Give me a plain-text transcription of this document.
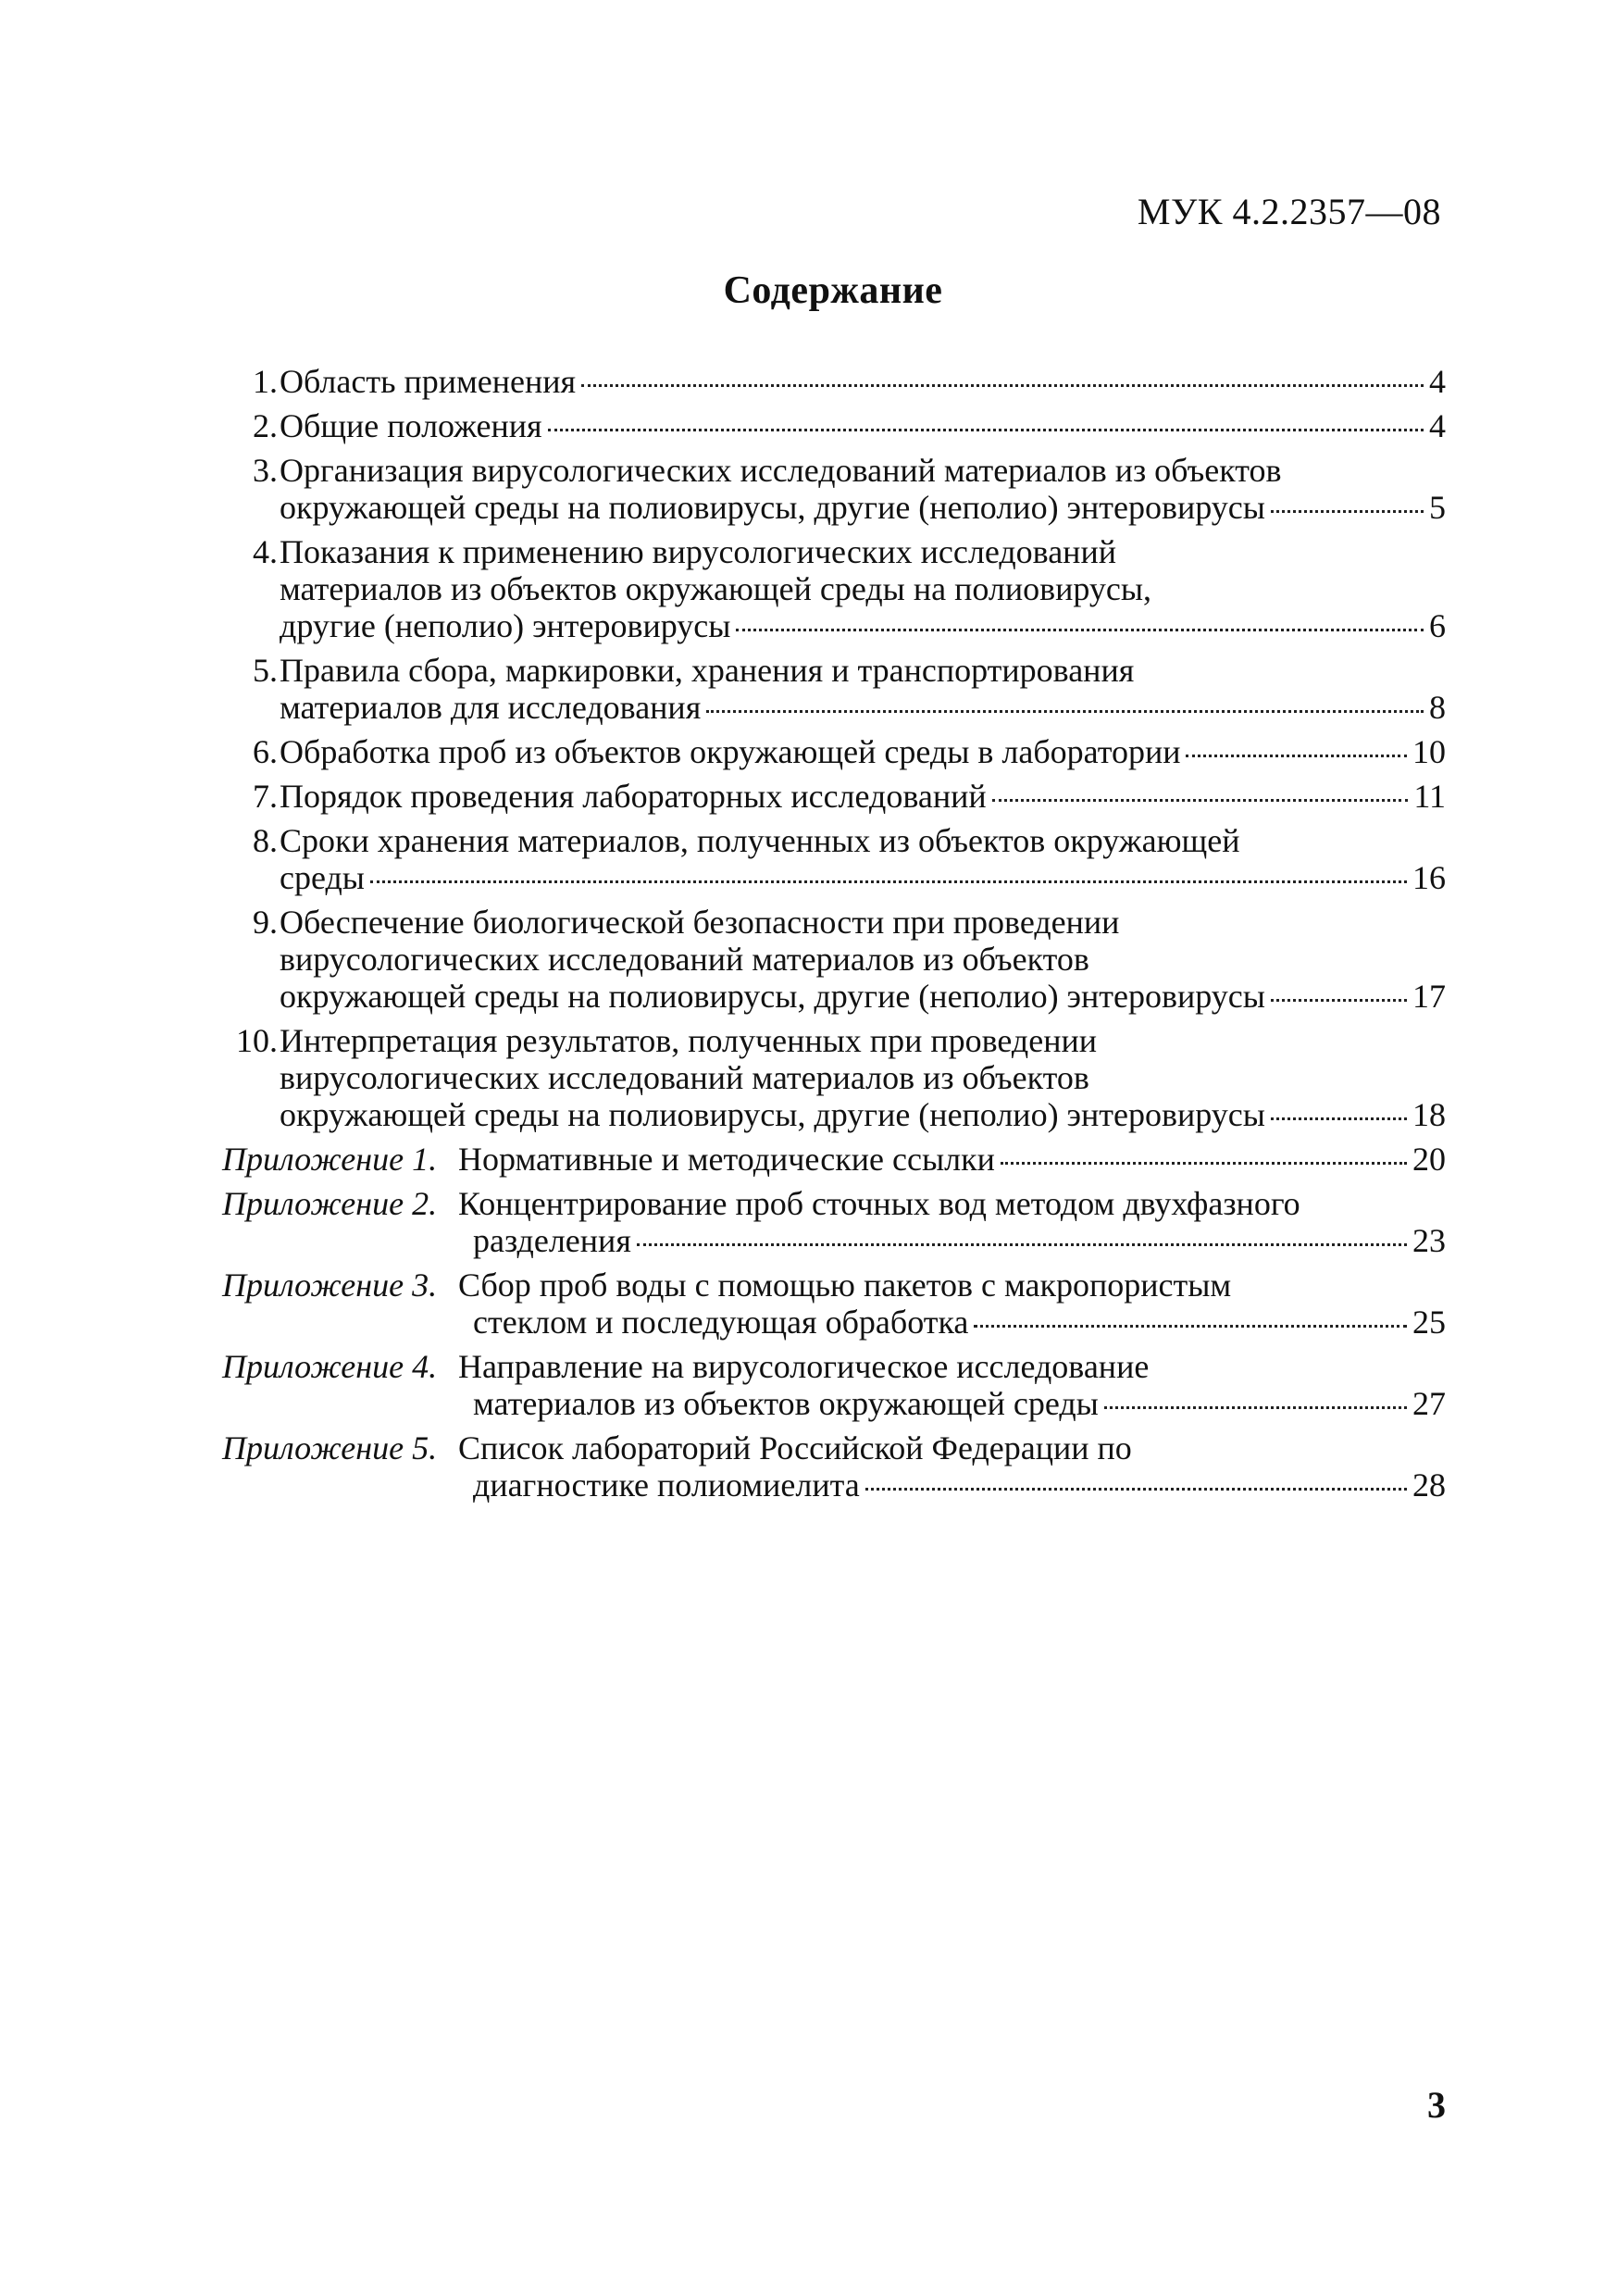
МУК 4.2.2357—08
Содержание
1. Область применения	4
2. Общие положения	4
3. Организация вирусологических исследований материалов из объектов
окружающей среды на полиовирусы, другие (неполио) энтеровирусы	5
4. Показания к применению вирусологических исследований
материалов из объектов окружающей среды на полиовирусы,
другие (неполио) энтеровирусы	6
5. Правила сбора, маркировки, хранения и транспортирования
материалов для исследования	8
6. Обработка проб из объектов окружающей среды в лаборатории	10
7. Порядок проведения лабораторных исследований	11
8. Сроки хранения материалов, полученных из объектов окружающей
среды	16
9. Обеспечение биологической безопасности при проведении
вирусологических исследований материалов из объектов
окружающей среды на полиовирусы, другие (неполио) энтеровирусы	17
10. Интерпретация результатов, полученных при проведении
вирусологических исследований материалов из объектов
окружающей среды на полиовирусы, другие (неполио) энтеровирусы	18
Приложение 1. Нормативные и методические ссылки	20
Приложение 2. Концентрирование проб сточных вод методом двухфазного
разделения	23
Приложение 3. Сбор проб воды с помощью пакетов с макропористым
стеклом и последующая обработка	25
Приложение 4. Направление на вирусологическое исследование
материалов из объектов окружающей среды	27
Приложение 5. Список лабораторий Российской Федерации по
диагностике полиомиелита	28
3
